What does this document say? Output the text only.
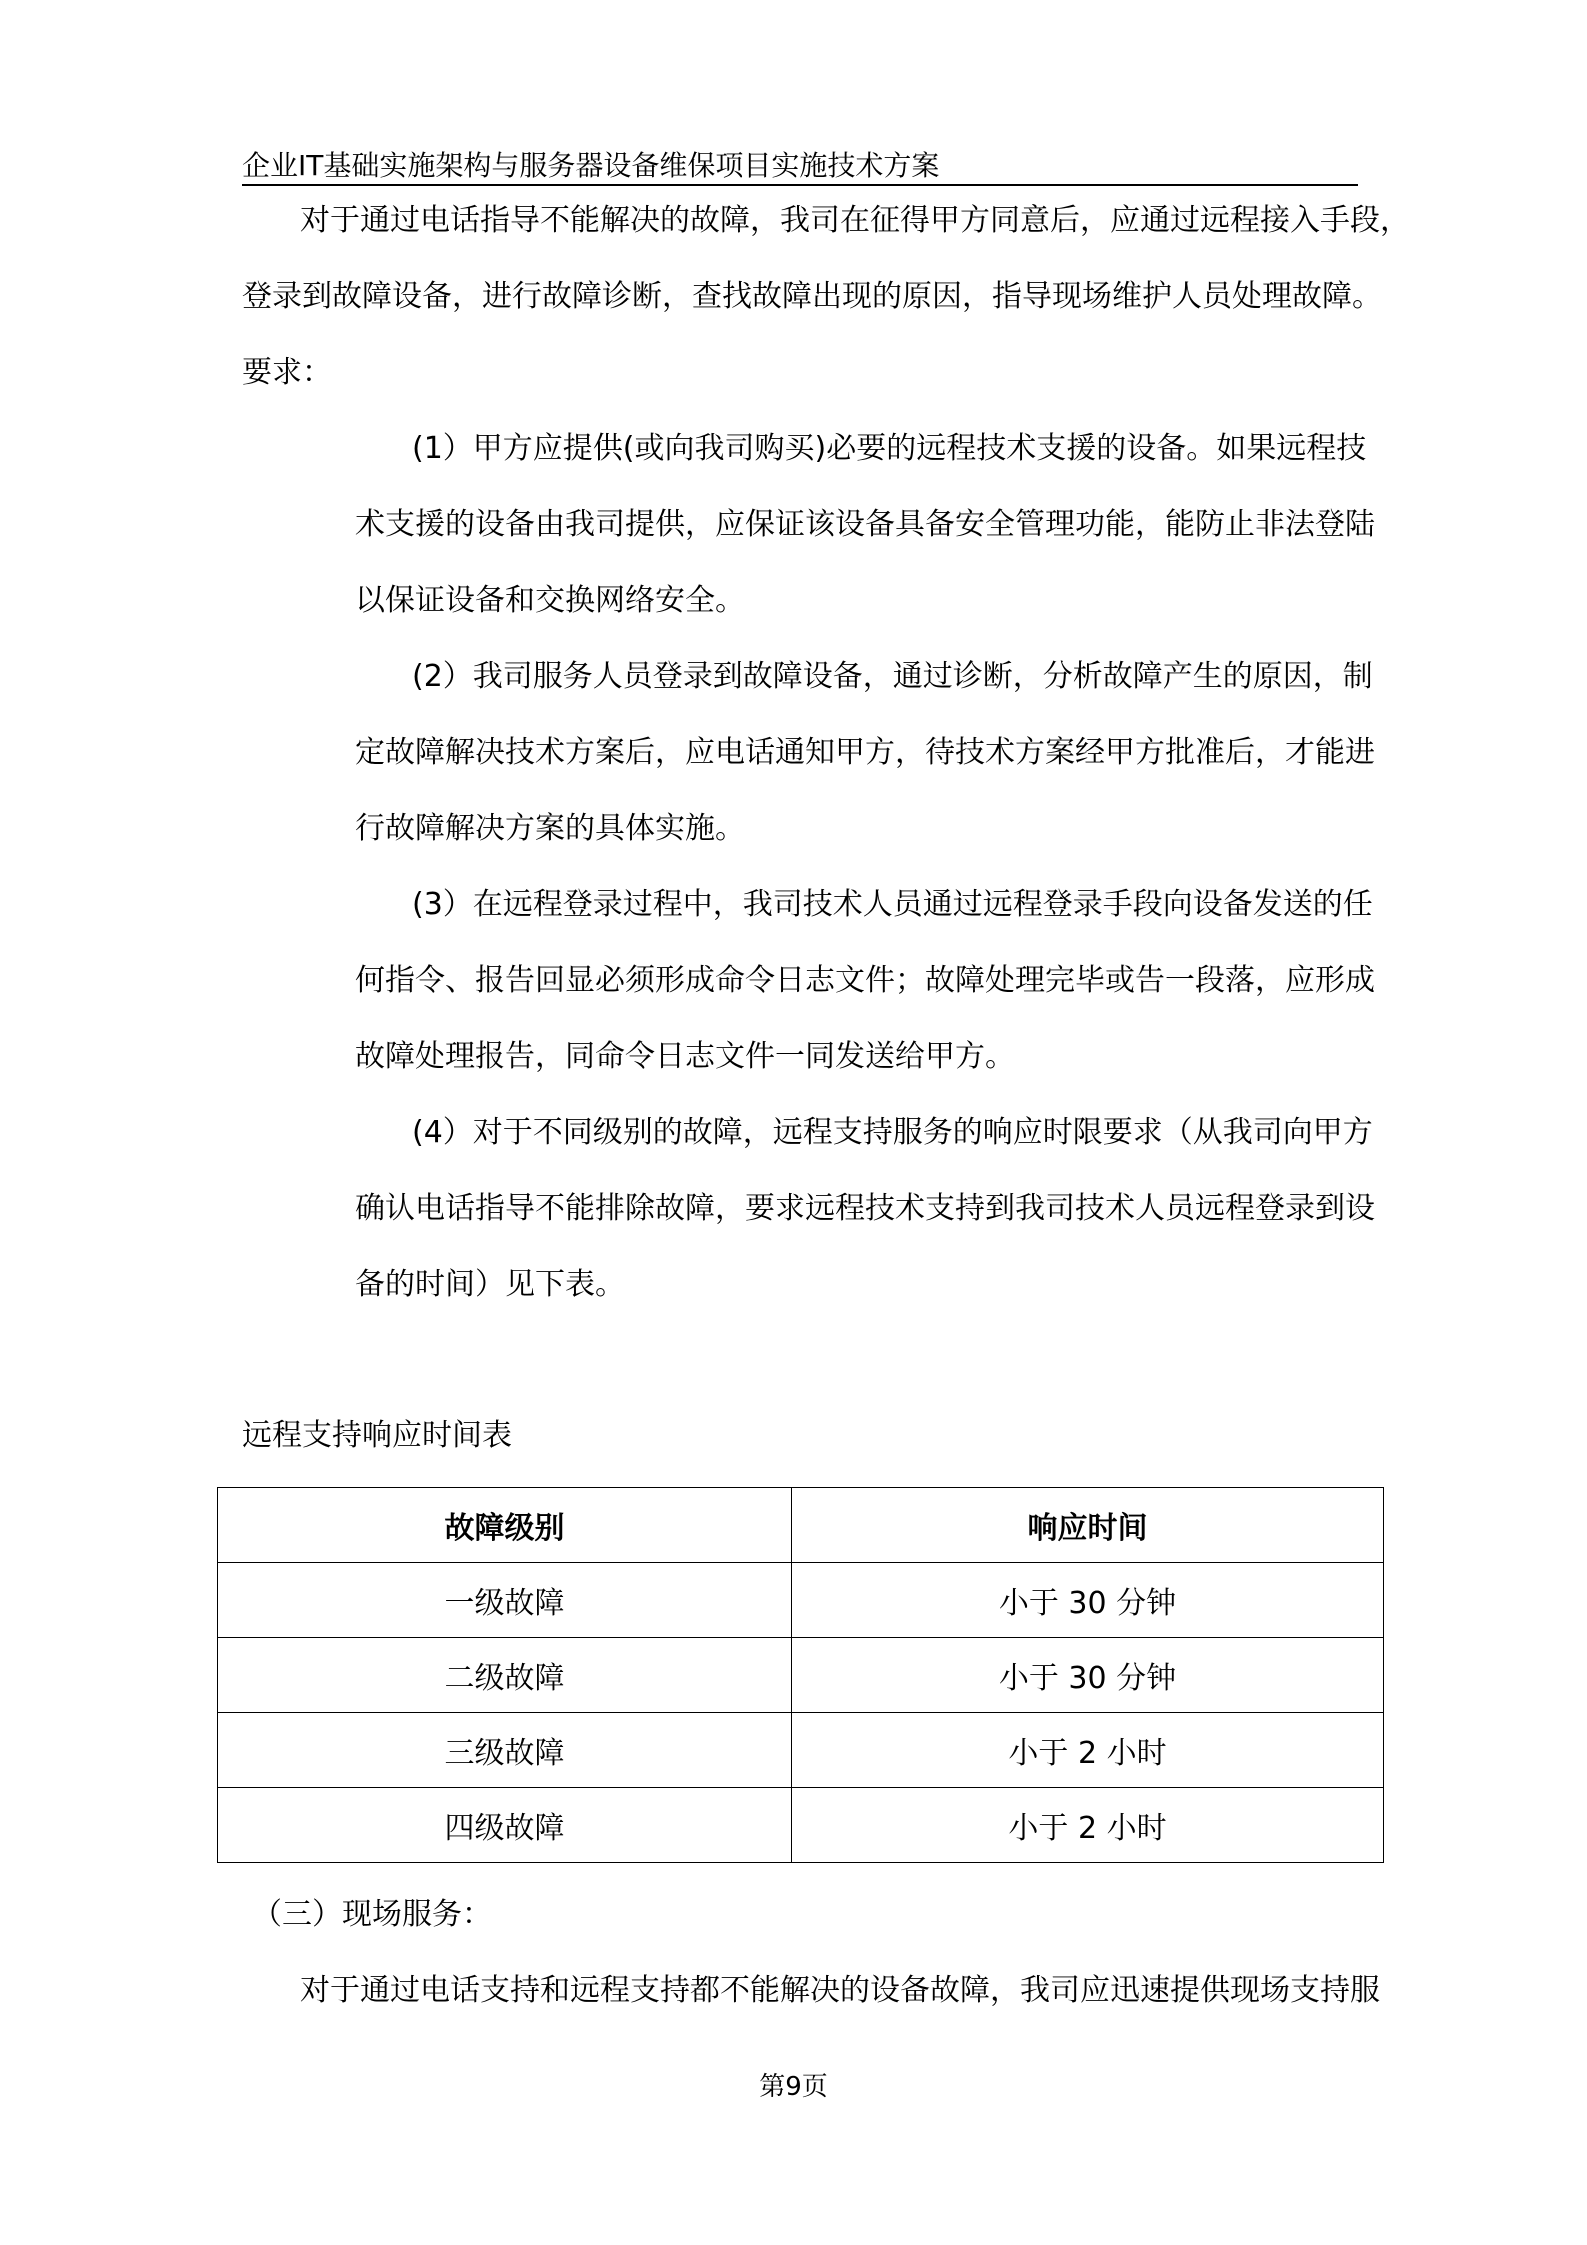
企业IT基础实施架构与服务器设备维保项目实施技术方案
对于通过电话指导不能解决的故障，我司在征得甲方同意后，应通过远程接入手段，
登录到故障设备，进行故障诊断，查找故障出现的原因，指导现场维护人员处理故障。
要求：
(1）甲方应提供(或向我司购买)必要的远程技术支援的设备。如果远程技
术支援的设备由我司提供，应保证该设备具备安全管理功能，能防止非法登陆
以保证设备和交换网络安全。
(2）我司服务人员登录到故障设备，通过诊断，分析故障产生的原因，制
定故障解决技术方案后，应电话通知甲方，待技术方案经甲方批准后，才能进
行故障解决方案的具体实施。
(3）在远程登录过程中，我司技术人员通过远程登录手段向设备发送的任
何指令、报告回显必须形成命令日志文件；故障处理完毕或告一段落，应形成
故障处理报告，同命令日志文件一同发送给甲方。
(4）对于不同级别的故障，远程支持服务的响应时限要求（从我司向甲方
确认电话指导不能排除故障，要求远程技术支持到我司技术人员远程登录到设
备的时间）见下表。
远程支持响应时间表
故障级别	响应时间
一级故障	小于 30 分钟
二级故障	小于 30 分钟
三级故障	小于 2 小时
四级故障	小于 2 小时
（三）现场服务：
对于通过电话支持和远程支持都不能解决的设备故障，我司应迅速提供现场支持服
第9页
